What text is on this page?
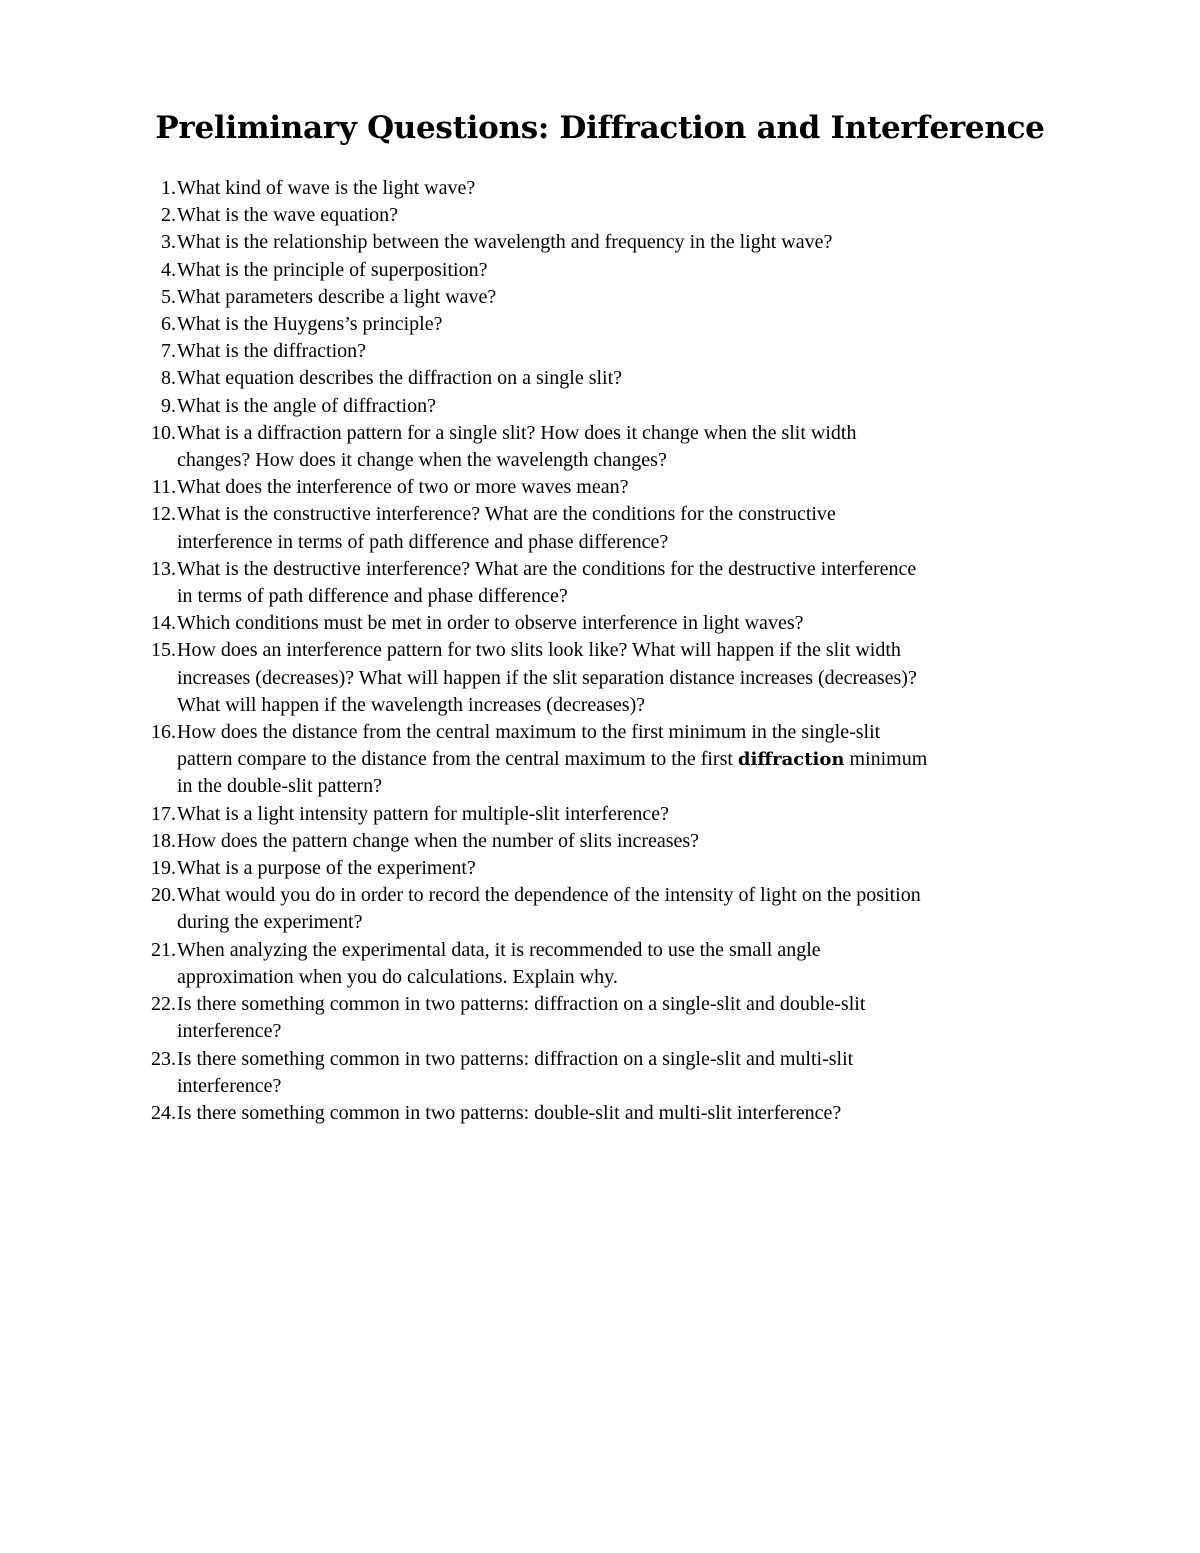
Preliminary Questions: Diffraction and Interference
1. What kind of wave is the light wave?
2. What is the wave equation?
3. What is the relationship between the wavelength and frequency in the light wave?
4. What is the principle of superposition?
5. What parameters describe a light wave?
6. What is the Huygens’s principle?
7. What is the diffraction?
8. What equation describes the diffraction on a single slit?
9. What is the angle of diffraction?
10. What is a diffraction pattern for a single slit? How does it change when the slit width
changes? How does it change when the wavelength changes?
11. What does the interference of two or more waves mean?
12. What is the constructive interference? What are the conditions for the constructive
interference in terms of path difference and phase difference?
13. What is the destructive interference? What are the conditions for the destructive interference
in terms of path difference and phase difference?
14. Which conditions must be met in order to observe interference in light waves?
15. How does an interference pattern for two slits look like? What will happen if the slit width
increases (decreases)? What will happen if the slit separation distance increases (decreases)?
What will happen if the wavelength increases (decreases)?
16. How does the distance from the central maximum to the first minimum in the single-slit
pattern compare to the distance from the central maximum to the first diffraction minimum
in the double-slit pattern?
17. What is a light intensity pattern for multiple-slit interference?
18. How does the pattern change when the number of slits increases?
19. What is a purpose of the experiment?
20. What would you do in order to record the dependence of the intensity of light on the position
during the experiment?
21. When analyzing the experimental data, it is recommended to use the small angle
approximation when you do calculations. Explain why.
22. Is there something common in two patterns: diffraction on a single-slit and double-slit
interference?
23. Is there something common in two patterns: diffraction on a single-slit and multi-slit
interference?
24. Is there something common in two patterns: double-slit and multi-slit interference?
